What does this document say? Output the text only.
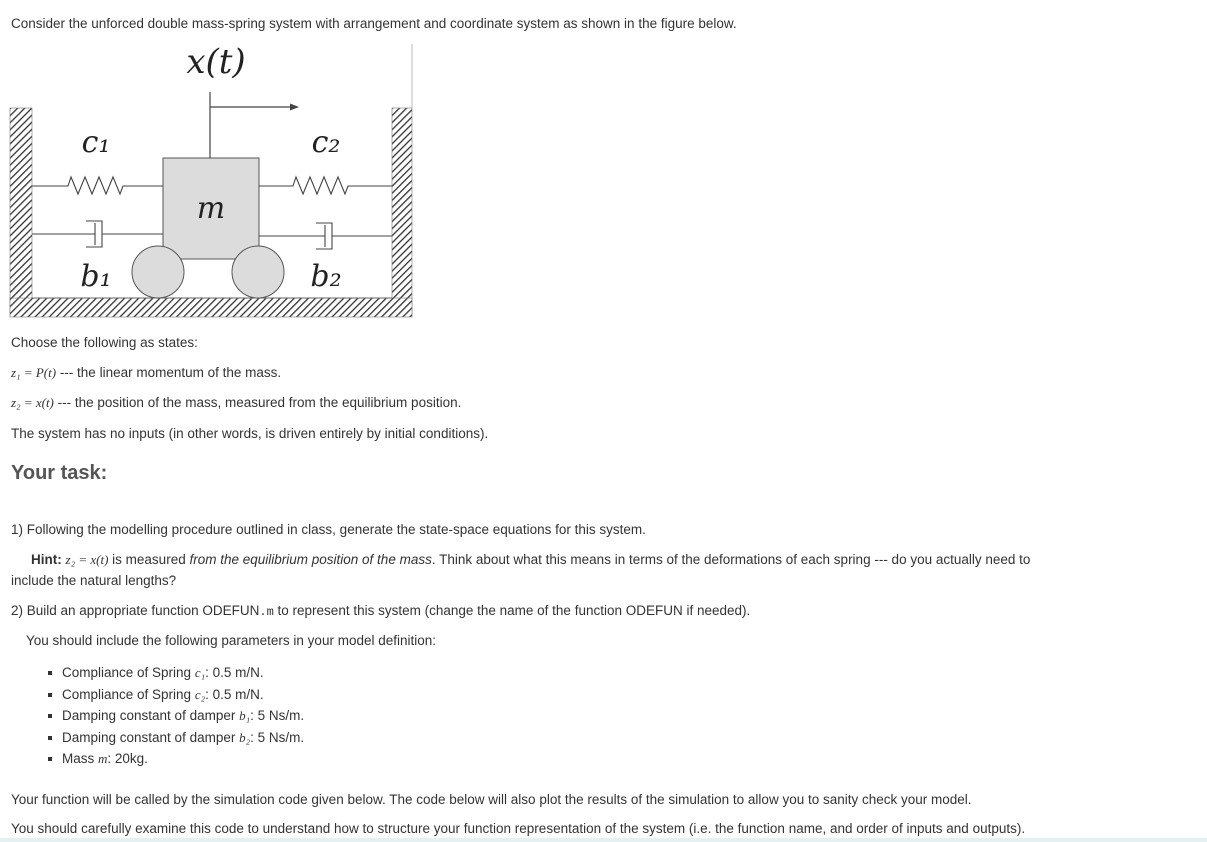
Consider the unforced double mass-spring system with arrangement and coordinate system as shown in the figure below.
x(t)
m
c₁	c₂
b₁	b₂
Choose the following as states:
z₁ = P(t) --- the linear momentum of the mass.
z₂ = x(t) --- the position of the mass, measured from the equilibrium position.
The system has no inputs (in other words, is driven entirely by initial conditions).
Your task:
1) Following the modelling procedure outlined in class, generate the state-space equations for this system.
Hint: z₂ = x(t) is measured from the equilibrium position of the mass. Think about what this means in terms of the deformations of each spring --- do you actually need to
include the natural lengths?
2) Build an appropriate function ODEFUN.m to represent this system (change the name of the function ODEFUN if needed).
You should include the following parameters in your model definition:
Compliance of Spring c₁: 0.5 m/N.
Compliance of Spring c₂: 0.5 m/N.
Damping constant of damper b₁: 5 Ns/m.
Damping constant of damper b₂: 5 Ns/m.
Mass m: 20kg.
Your function will be called by the simulation code given below. The code below will also plot the results of the simulation to allow you to sanity check your model.
You should carefully examine this code to understand how to structure your function representation of the system (i.e. the function name, and order of inputs and outputs).
